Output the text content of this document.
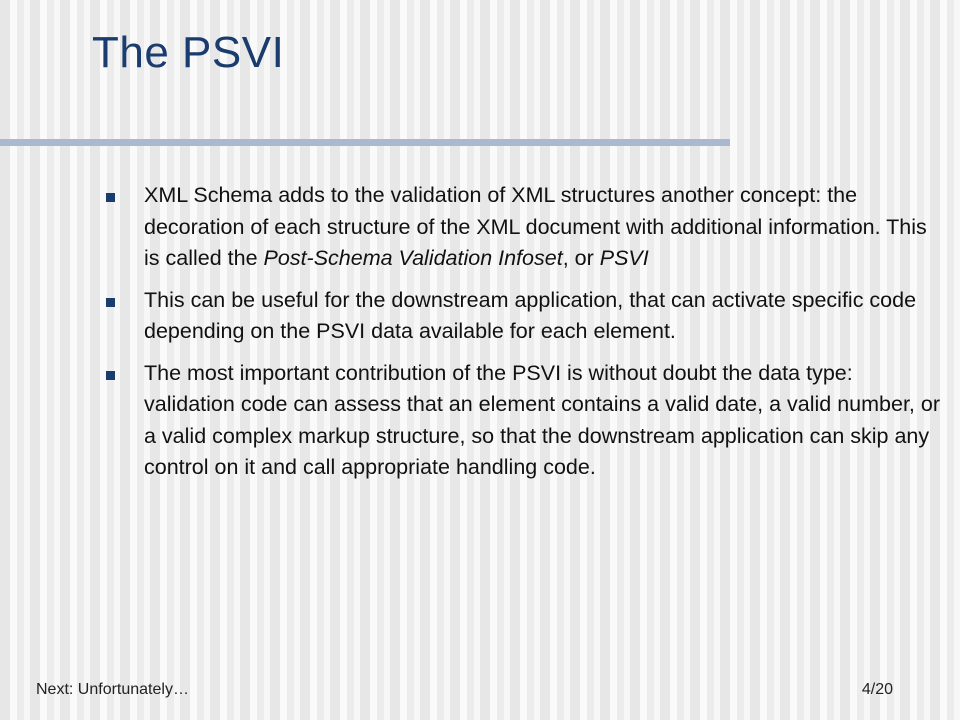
The PSVI
XML Schema adds to the validation of XML structures another concept: the decoration of each structure of the XML document with additional information. This is called the Post-Schema Validation Infoset, or PSVI
This can be useful for the downstream application, that can activate specific code depending on the PSVI data available for each element.
The most important contribution of the PSVI is without doubt the data type: validation code can assess that an element contains a valid date, a valid number, or a valid complex markup structure, so that the downstream application can skip any control on it and call appropriate handling code.
Next: Unfortunately…	4/20
